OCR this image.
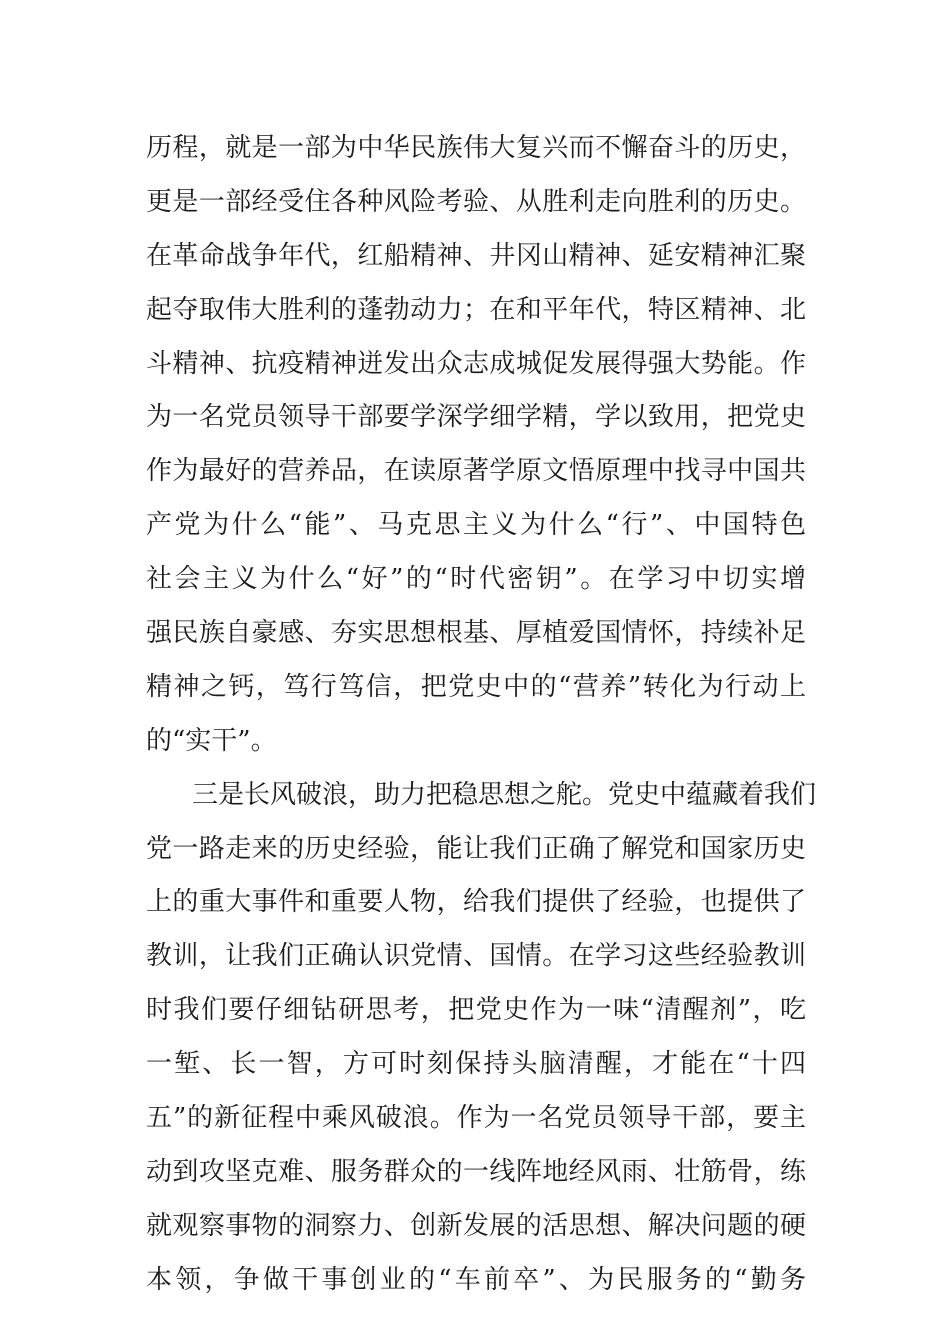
历程，就是一部为中华民族伟大复兴而不懈奋斗的历史，
更是一部经受住各种风险考验、从胜利走向胜利的历史。
在革命战争年代，红船精神、井冈山精神、延安精神汇聚
起夺取伟大胜利的蓬勃动力；在和平年代，特区精神、北
斗精神、抗疫精神迸发出众志成城促发展得强大势能。作
为一名党员领导干部要学深学细学精，学以致用，把党史
作为最好的营养品，在读原著学原文悟原理中找寻中国共
产党为什么“能”、马克思主义为什么“行”、中国特色
社会主义为什么“好”的“时代密钥”。在学习中切实增
强民族自豪感、夯实思想根基、厚植爱国情怀，持续补足
精神之钙，笃行笃信，把党史中的“营养”转化为行动上
的“实干”。
三是长风破浪，助力把稳思想之舵。党史中蕴藏着我们
党一路走来的历史经验，能让我们正确了解党和国家历史
上的重大事件和重要人物，给我们提供了经验，也提供了
教训，让我们正确认识党情、国情。在学习这些经验教训
时我们要仔细钻研思考，把党史作为一味“清醒剂”，吃
一堑、长一智，方可时刻保持头脑清醒，才能在“十四
五”的新征程中乘风破浪。作为一名党员领导干部，要主
动到攻坚克难、服务群众的一线阵地经风雨、壮筋骨，练
就观察事物的洞察力、创新发展的活思想、解决问题的硬
本领，争做干事创业的“车前卒”、为民服务的“勤务
